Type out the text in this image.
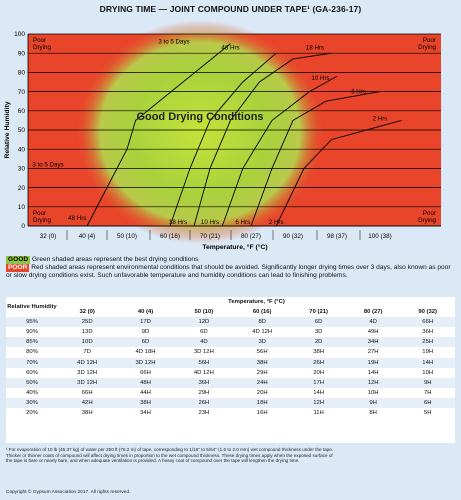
DRYING TIME — JOINT COMPOUND UNDER TAPE¹ (GA-236-17)
0
10
20
30
40
50
60
70
80
90
100
32 (0)	40 (4)	50 (10)	60 (16)	70 (21)	80 (27)	90 (32)	98 (37)	100 (38)
Temperature, °F (°C)
Relative Humidity
3 to 5 Days
48 Hrs	18 Hrs
10 Hrs
6 Hrs
2 Hrs
3 to 5 Days
48 Hrs
18 Hrs 10 Hrs	6 Hrs	2 Hrs
Good Drying Conditions
Poor Drying
Poor Drying
Poor Drying
Poor Drying
GOOD Green shaded areas represent the best drying conditions
POOR Red shaded areas represent environmental conditions that should be avoided. Significantly longer drying times over 3 days, also known as poor or slow drying conditions exist. Such unfavorable temperature and humidity conditions can lead to finishing problems.
Relative Humidity	Temperature, °F (°C)						
	32 (0)	40 (4)	50 (10)	60 (16)	70 (21)	80 (27)	90 (32)
95%	25D	17D	12D	8D	6D	4D	66H
90%	13D	9D	6D	4D 12H	3D	49H	36H
85%	10D	6D	4D	3D	2D	34H	25H
80%	7D	4D 18H	3D 12H	56H	38H	27H	19H
70%	4D 12H	3D 12H	56H	38H	26H	19H	14H
60%	3D 12H	66H	4D 12H	29H	20H	14H	10H
50%	3D 12H	48H	36H	24H	17H	12H	9H
40%	66H	44H	29H	20H	14H	10H	7H
30%	42H	38H	26H	18H	12H	9H	6H
20%	38H	34H	23H	16H	11H	8H	5H
¹ For evaporation of 10 lb (45.37 kg) of water per 250 ft (76.2 m) of tape, corresponding to 1/16" to 5/64" (1.6 to 2.0 mm) wet compound thickness under the tape. Thicker or thinner coats of compound will affect drying times in proportion to the wet compound thickness. These drying times apply when the exposed surface of the tape is bare or nearly bare, and when adequate ventilation is provided. A heavy coat of compound over the tape will lengthen the drying time.
Copyright © Gypsum Association 2017. All rights reserved.
